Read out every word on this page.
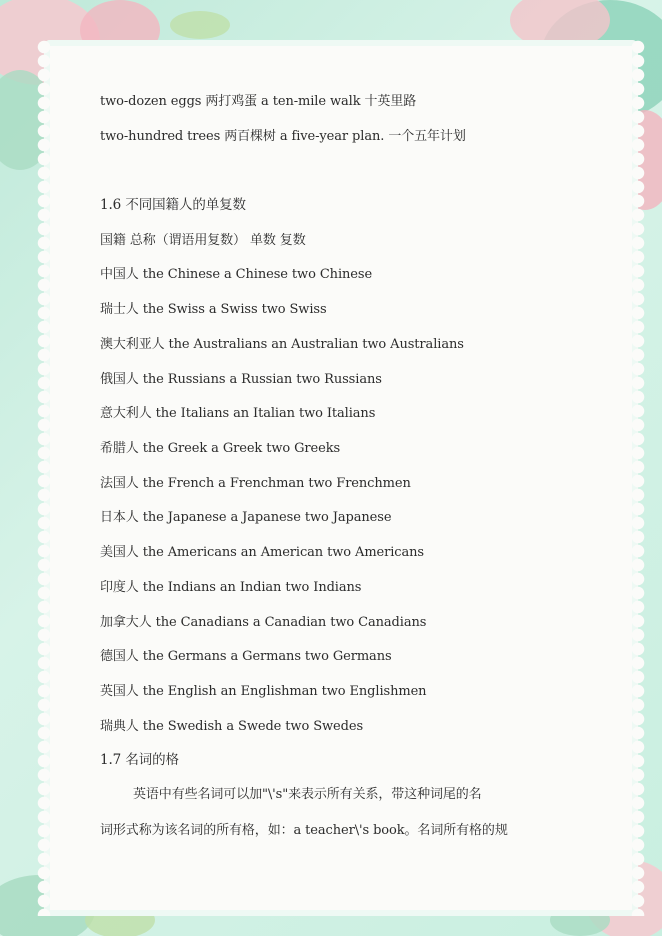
two-dozen eggs 两打鸡蛋 a ten-mile walk 十英里路
two-hundred trees 两百棵树 a five-year plan. 一个五年计划
1.6 不同国籍人的单复数
国籍 总称（谓语用复数） 单数 复数
中国人 the Chinese a Chinese two Chinese
瑞士人 the Swiss a Swiss two Swiss
澳大利亚人 the Australians an Australian two Australians
俄国人 the Russians a Russian two Russians
意大利人 the Italians an Italian two Italians
希腊人 the Greek a Greek two Greeks
法国人 the French a Frenchman two Frenchmen
日本人 the Japanese a Japanese two Japanese
美国人 the Americans an American two Americans
印度人 the Indians an Indian two Indians
加拿大人 the Canadians a Canadian two Canadians
德国人 the Germans a Germans two Germans
英国人 the English an Englishman two Englishmen
瑞典人 the Swedish a Swede two Swedes
1.7 名词的格
英语中有些名词可以加"\'s"来表示所有关系，带这种词尾的名
词形式称为该名词的所有格，如：a teacher\'s book。名词所有格的规
